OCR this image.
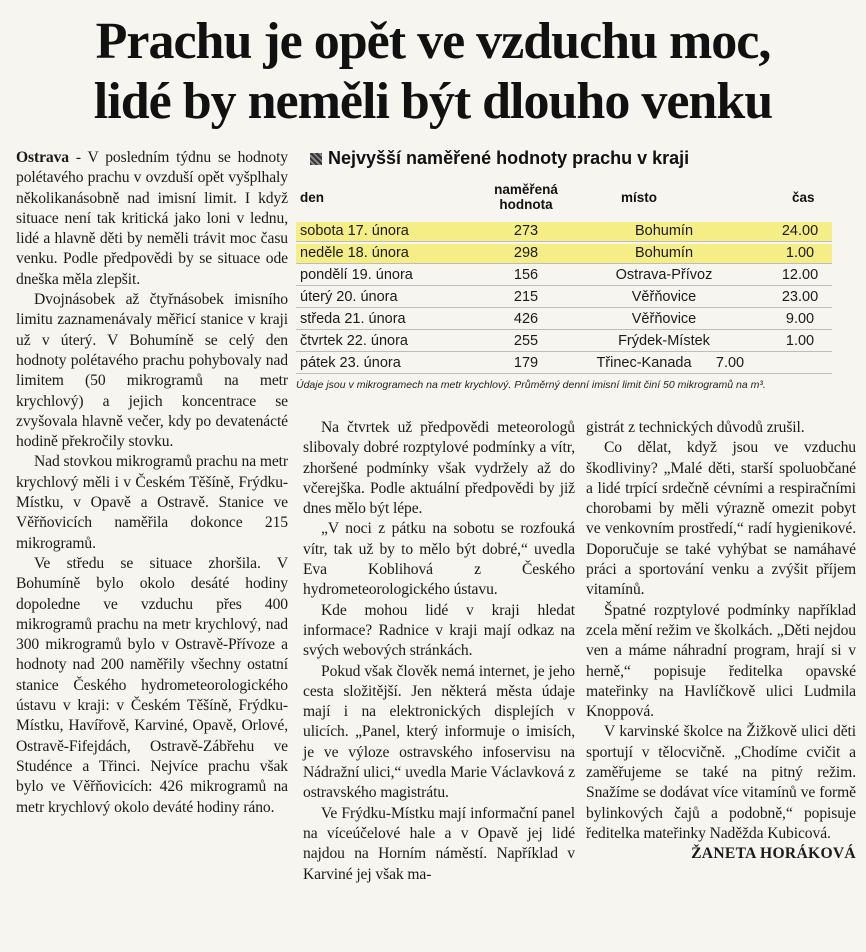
Prachu je opět ve vzduchu moc,
lidé by neměli být dlouho venku

Ostrava - V posledním týdnu se hodnoty polétavého prachu v ovzduší opět vyšplhaly několikanásobně nad imisní limit. I když situace není tak kritická jako loni v lednu, lidé a hlavně děti by neměli trávit moc času venku. Podle předpovědi by se situace ode dneška měla zlepšit.

Dvojnásobek až čtyřnásobek imisního limitu zaznamenávaly měřicí stanice v kraji už v úterý. V Bohumíně se celý den hodnoty polétavého prachu pohybovaly nad limitem (50 mikrogramů na metr krychlový) a jejich koncentrace se zvyšovala hlavně večer, kdy po devatenácté hodině překročily stovku.

Nad stovkou mikrogramů prachu na metr krychlový měli i v Českém Těšíně, Frýdku-Místku, v Opavě a Ostravě. Stanice ve Věřňovicích naměřila dokonce 215 mikrogramů.

Ve středu se situace zhoršila. V Bohumíně bylo okolo desáté hodiny dopoledne ve vzduchu přes 400 mikrogramů prachu na metr krychlový, nad 300 mikrogramů bylo v Ostravě-Přívoze a hodnoty nad 200 naměřily všechny ostatní stanice Českého hydrometeorologického ústavu v kraji: v Českém Těšíně, Frýdku-Místku, Havířově, Karviné, Opavě, Orlové, Ostravě-Fifejdách, Ostravě-Zábřehu ve Studénce a Třinci. Nejvíce prachu však bylo ve Věřňovicích: 426 mikrogramů na metr krychlový okolo deváté hodiny ráno.

Nejvyšší naměřené hodnoty prachu v kraji
den
naměřená hodnota	místo	čas
sobota 17. února	273	Bohumín	24.00
neděle 18. února	298	Bohumín	1.00
pondělí 19. února	156	Ostrava-Přívoz	12.00
úterý 20. února	215	Věřňovice	23.00
středa 21. února	426	Věřňovice	9.00
čtvrtek 22. února	255	Frýdek-Místek	1.00
pátek 23. února	179	Třinec-Kanada	7.00
Údaje jsou v mikrogramech na metr krychlový. Průměrný denní imisní limit činí 50 mikrogramů na m³.

Na čtvrtek už předpovědi meteorologů slibovaly dobré rozptylové podmínky a vítr, zhoršené podmínky však vydržely až do včerejška. Podle aktuální předpovědi by již dnes mělo být lépe.

„V noci z pátku na sobotu se rozfouká vítr, tak už by to mělo být dobré,“ uvedla Eva Koblihová z Českého hydrometeorologického ústavu.

Kde mohou lidé v kraji hledat informace? Radnice v kraji mají odkaz na svých webových stránkách.

Pokud však člověk nemá internet, je jeho cesta složitější. Jen některá města údaje mají i na elektronických displejích v ulicích. „Panel, který informuje o imisích, je ve výloze ostravského infoservisu na Nádražní ulici,“ uvedla Marie Václavková z ostravského magistrátu.

Ve Frýdku-Místku mají informační panel na víceúčelové hale a v Opavě jej lidé najdou na Horním náměstí. Například v Karviné jej však ma-

gistrát z technických důvodů zrušil.

Co dělat, když jsou ve vzduchu škodliviny? „Malé děti, starší spoluobčané a lidé trpící srdečně cévními a respiračními chorobami by měli výrazně omezit pobyt ve venkovním prostředí,“ radí hygienikové. Doporučuje se také vyhýbat se namáhavé práci a sportování venku a zvýšit příjem vitamínů.

Špatné rozptylové podmínky například zcela mění režim ve školkách. „Děti nejdou ven a máme náhradní program, hrají si v herně,“ popisuje ředitelka opavské mateřinky na Havlíčkově ulici Ludmila Knoppová.

V karvinské školce na Žižkově ulici děti sportují v tělocvičně. „Chodíme cvičit a zaměřujeme se také na pitný režim. Snažíme se dodávat více vitamínů ve formě bylinkových čajů a podobně,“ popisuje ředitelka mateřinky Naděžda Kubicová.

ŽANETA HORÁKOVÁ
